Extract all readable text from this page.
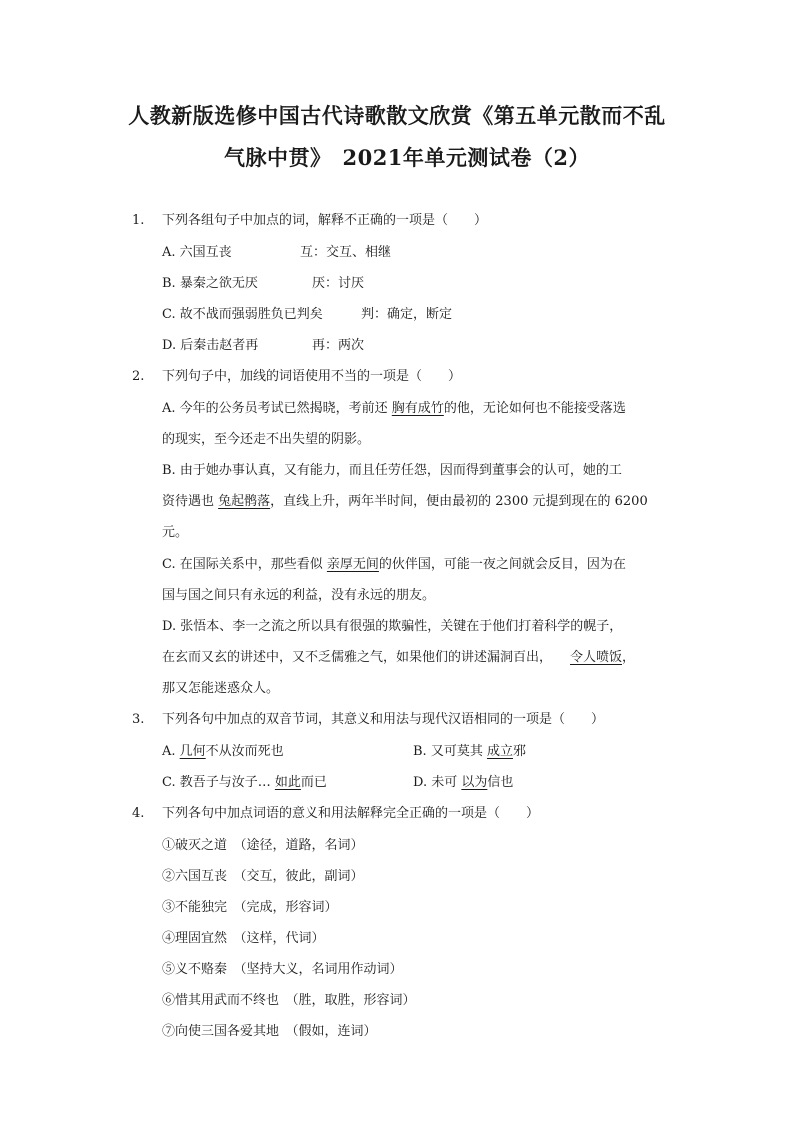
人教新版选修中国古代诗歌散文欣赏《第五单元散而不乱
气脉中贯》　2021年单元测试卷（2）
1. 下列各组句子中加点的词，解释不正确的一项是（　　）
A. 六国互丧	互：交互、相继
B. 暴秦之欲无厌	厌：讨厌
C. 故不战而强弱胜负已判矣	判：确定，断定
D. 后秦击赵者再	再：两次
2. 下列句子中，加线的词语使用不当的一项是（　　）
A. 今年的公务员考试已然揭晓，考前还 胸有成竹的他，无论如何也不能接受落选
的现实，至今还走不出失望的阴影。
B. 由于她办事认真，又有能力，而且任劳任怨，因而得到董事会的认可，她的工
资待遇也 兔起鹘落，直线上升，两年半时间，便由最初的 2300 元提到现在的 6200
元。
C. 在国际关系中，那些看似 亲厚无间的伙伴国，可能一夜之间就会反目，因为在
国与国之间只有永远的利益，没有永远的朋友。
D. 张悟本、李一之流之所以具有很强的欺骗性，关键在于他们打着科学的幌子，
在玄而又玄的讲述中，又不乏儒雅之气，如果他们的讲述漏洞百出， 令人喷饭，
那又怎能迷惑众人。
3. 下列各句中加点的双音节词，其意义和用法与现代汉语相同的一项是（　　）
A. 几何不从汝而死也	B. 又可莫其 成立邪
C. 教吾子与汝子… 如此而已	D. 未可 以为信也
4. 下列各句中加点词语的意义和用法解释完全正确的一项是（　　）
①破灭之道　（途径，道路，名词）
②六国互丧　（交互，彼此，副词）
③不能独完　（完成，形容词）
④理固宜然　（这样，代词）
⑤义不赂秦　（坚持大义，名词用作动词）
⑥惜其用武而不终也　（胜，取胜，形容词）
⑦向使三国各爱其地　（假如，连词）
